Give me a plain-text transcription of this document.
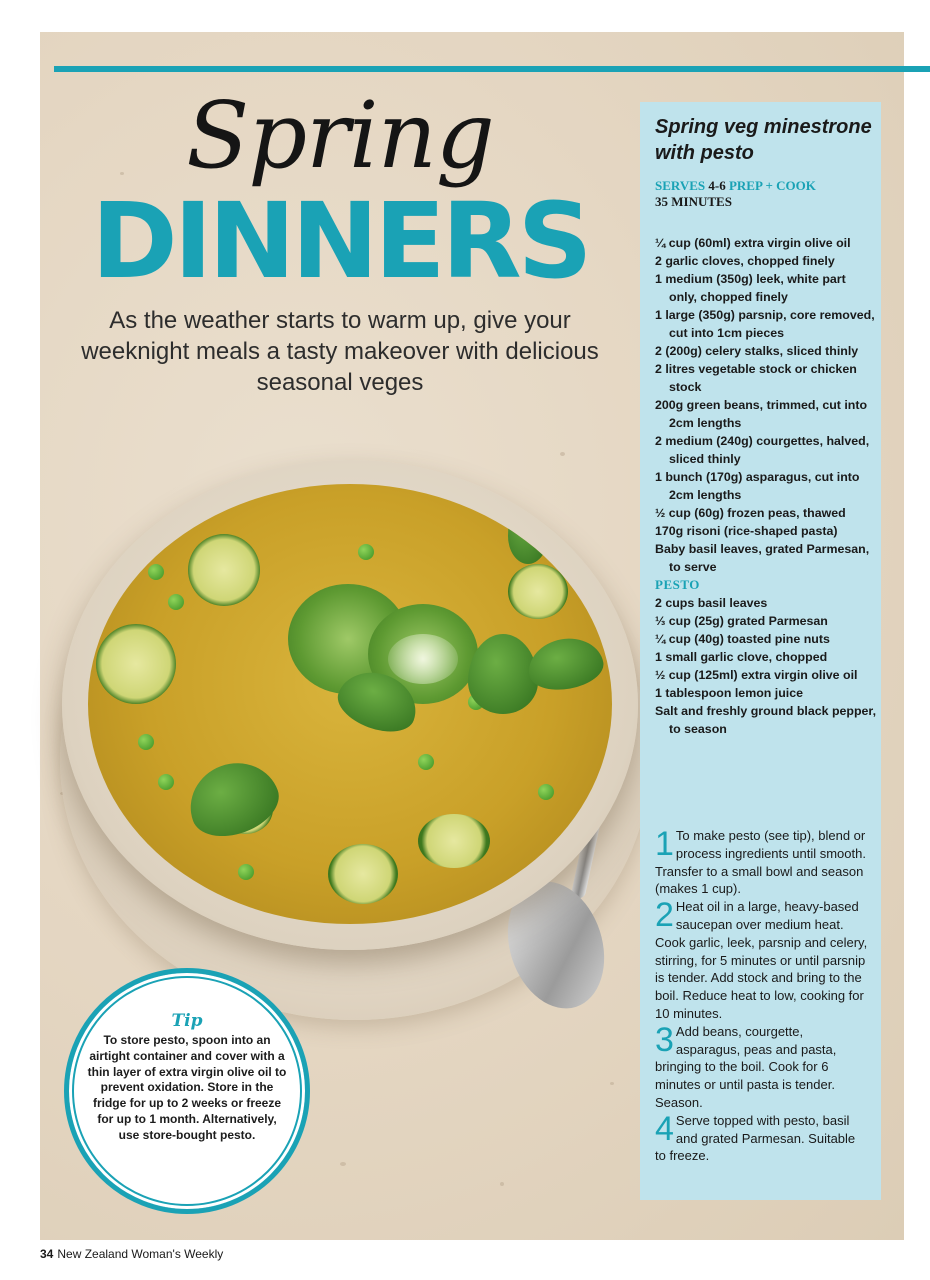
Spring
DINNERS
As the weather starts to warm up, give your weeknight meals a tasty makeover with delicious seasonal veges
Tip
To store pesto, spoon into an airtight container and cover with a thin layer of extra virgin olive oil to prevent oxidation. Store in the fridge for up to 2 weeks or freeze for up to 1 month. Alternatively, use store-bought pesto.
Spring veg minestrone with pesto
SERVES 4-6 PREP + COOK
35 MINUTES
¼ cup (60ml) extra virgin olive oil
2 garlic cloves, chopped finely
1 medium (350g) leek, white part only, chopped finely
1 large (350g) parsnip, core removed, cut into 1cm pieces
2 (200g) celery stalks, sliced thinly
2 litres vegetable stock or chicken stock
200g green beans, trimmed, cut into 2cm lengths
2 medium (240g) courgettes, halved, sliced thinly
1 bunch (170g) asparagus, cut into 2cm lengths
½ cup (60g) frozen peas, thawed
170g risoni (rice-shaped pasta)
Baby basil leaves, grated Parmesan, to serve
PESTO
2 cups basil leaves
⅓ cup (25g) grated Parmesan
¼ cup (40g) toasted pine nuts
1 small garlic clove, chopped
½ cup (125ml) extra virgin olive oil
1 tablespoon lemon juice
Salt and freshly ground black pepper, to season

1 To make pesto (see tip), blend or process ingredients until smooth. Transfer to a small bowl and season (makes 1 cup).

2 Heat oil in a large, heavy-based saucepan over medium heat. Cook garlic, leek, parsnip and celery, stirring, for 5 minutes or until parsnip is tender. Add stock and bring to the boil. Reduce heat to low, cooking for 10 minutes.

3 Add beans, courgette, asparagus, peas and pasta, bringing to the boil. Cook for 6 minutes or until pasta is tender. Season.

4 Serve topped with pesto, basil and grated Parmesan. Suitable to freeze.

34 New Zealand Woman's Weekly
